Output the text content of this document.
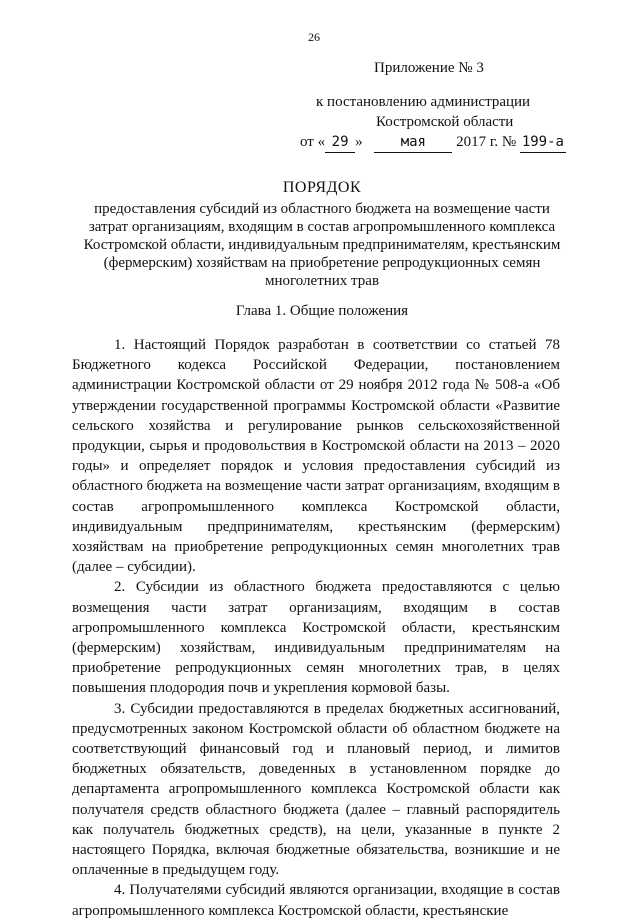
26
Приложение № 3
к постановлению администрации
Костромской области
от « 29 »	мая 2017 г. № 199-а
ПОРЯДОК
предоставления субсидий из областного бюджета на возмещение части
затрат организациям, входящим в состав агропромышленного комплекса
Костромской области, индивидуальным предпринимателям, крестьянским
(фермерским) хозяйствам на приобретение репродукционных семян
многолетних трав
Глава 1. Общие положения

1. Настоящий Порядок разработан в соответствии со статьей 78 Бюджетного кодекса Российской Федерации, постановлением администрации Костромской области от 29 ноября 2012 года № 508-а «Об утверждении государственной программы Костромской области «Развитие сельского хозяйства и регулирование рынков сельскохозяйственной продукции, сырья и продовольствия в Костромской области на 2013 – 2020 годы» и определяет порядок и условия предоставления субсидий из областного бюджета на возмещение части затрат организациям, входящим в состав агропромышленного комплекса Костромской области, индивидуальным предпринимателям, крестьянским (фермерским) хозяйствам на приобретение репродукционных семян многолетних трав (далее – субсидии).

2. Субсидии из областного бюджета предоставляются с целью возмещения части затрат организациям, входящим в состав агропромышленного комплекса Костромской области, крестьянским (фермерским) хозяйствам, индивидуальным предпринимателям на приобретение репродукционных семян многолетних трав, в целях повышения плодородия почв и укрепления кормовой базы.

3. Субсидии предоставляются в пределах бюджетных ассигнований, предусмотренных законом Костромской области об областном бюджете на соответствующий финансовый год и плановый период, и лимитов бюджетных обязательств, доведенных в установленном порядке до департамента агропромышленного комплекса Костромской области как получателя средств областного бюджета (далее – главный распорядитель как получатель бюджетных средств), на цели, указанные в пункте 2 настоящего Порядка, включая бюджетные обязательства, возникшие и не оплаченные в предыдущем году.

4. Получателями субсидий являются организации, входящие в состав агропромышленного комплекса Костромской области, крестьянские
